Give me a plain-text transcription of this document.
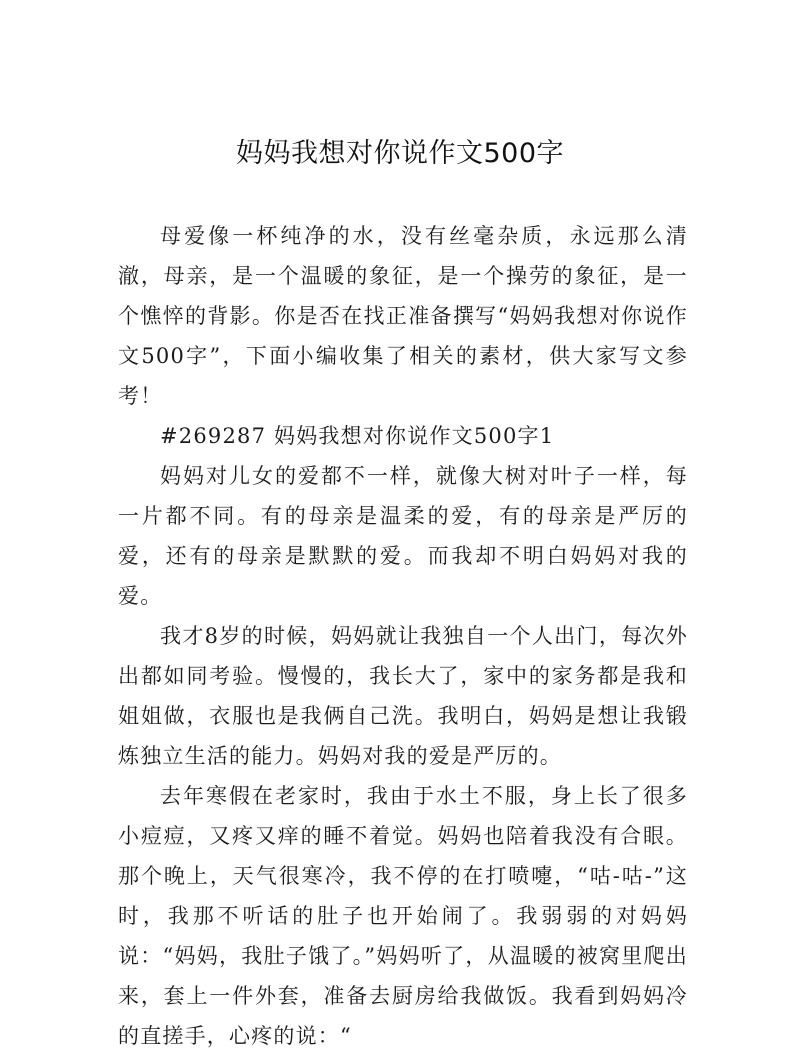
妈妈我想对你说作文500字

母爱像一杯纯净的水，没有丝毫杂质，永远那么清澈，母亲，是一个温暖的象征，是一个操劳的象征，是一个憔悴的背影。你是否在找正准备撰写“妈妈我想对你说作文500字”，下面小编收集了相关的素材，供大家写文参考！

#269287 妈妈我想对你说作文500字1

妈妈对儿女的爱都不一样，就像大树对叶子一样，每一片都不同。有的母亲是温柔的爱，有的母亲是严厉的爱，还有的母亲是默默的爱。而我却不明白妈妈对我的爱。

我才8岁的时候，妈妈就让我独自一个人出门，每次外出都如同考验。慢慢的，我长大了，家中的家务都是我和姐姐做，衣服也是我俩自己洗。我明白，妈妈是想让我锻炼独立生活的能力。妈妈对我的爱是严厉的。

去年寒假在老家时，我由于水土不服，身上长了很多小痘痘，又疼又痒的睡不着觉。妈妈也陪着我没有合眼。那个晚上，天气很寒冷，我不停的在打喷嚏，“咕-咕-”这时，我那不听话的肚子也开始闹了。我弱弱的对妈妈说：“妈妈，我肚子饿了。”妈妈听了，从温暖的被窝里爬出来，套上一件外套，准备去厨房给我做饭。我看到妈妈冷的直搓手，心疼的说：“
